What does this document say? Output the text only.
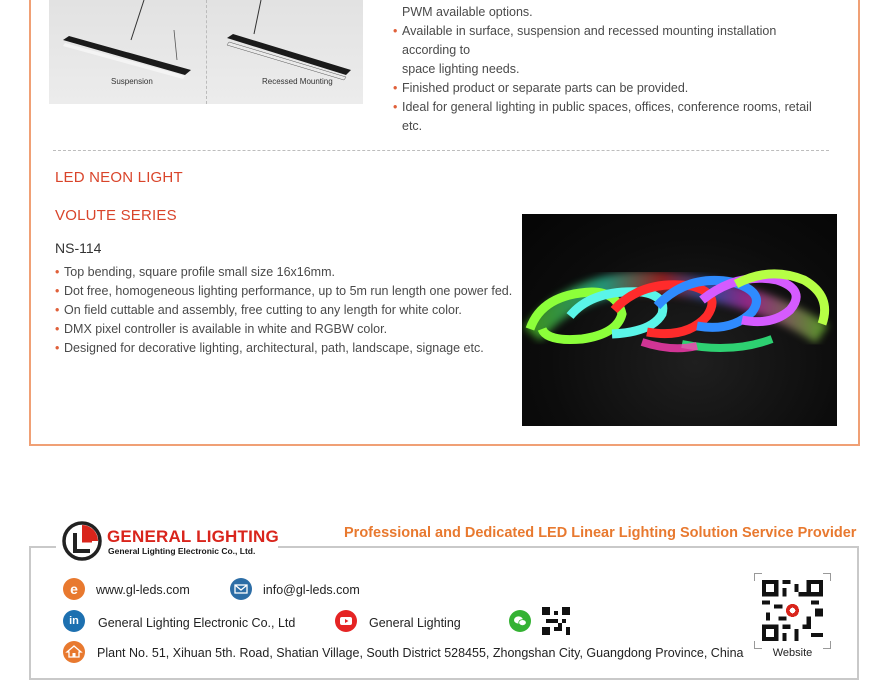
Suspension	Recessed Mounting
PWM available options.
• Available in surface, suspension and recessed mounting installation according to
space lighting needs.
• Finished product or separate parts can be provided.
• Ideal for general lighting in public spaces, offices, conference rooms, retail etc.
LED NEON LIGHT
VOLUTE SERIES
NS-114
• Top bending, square profile small size 16x16mm.
• Dot free, homogeneous lighting performance, up to 5m run length one power fed.
• On field cuttable and assembly, free cutting to any length for white color.
• DMX pixel controller is available in white and RGBW color.
• Designed for decorative lighting, architectural, path, landscape, signage etc.
GENERAL LIGHTING
General Lighting Electronic Co., Ltd.
Professional and Dedicated LED Linear Lighting Solution Service Provider
e	www.gl-leds.com	info@gl-leds.com
in	General Lighting Electronic Co., Ltd	General Lighting
Plant No. 51, Xihuan 5th. Road, Shatian Village, South District 528455, Zhongshan City, Guangdong Province, China	Website
